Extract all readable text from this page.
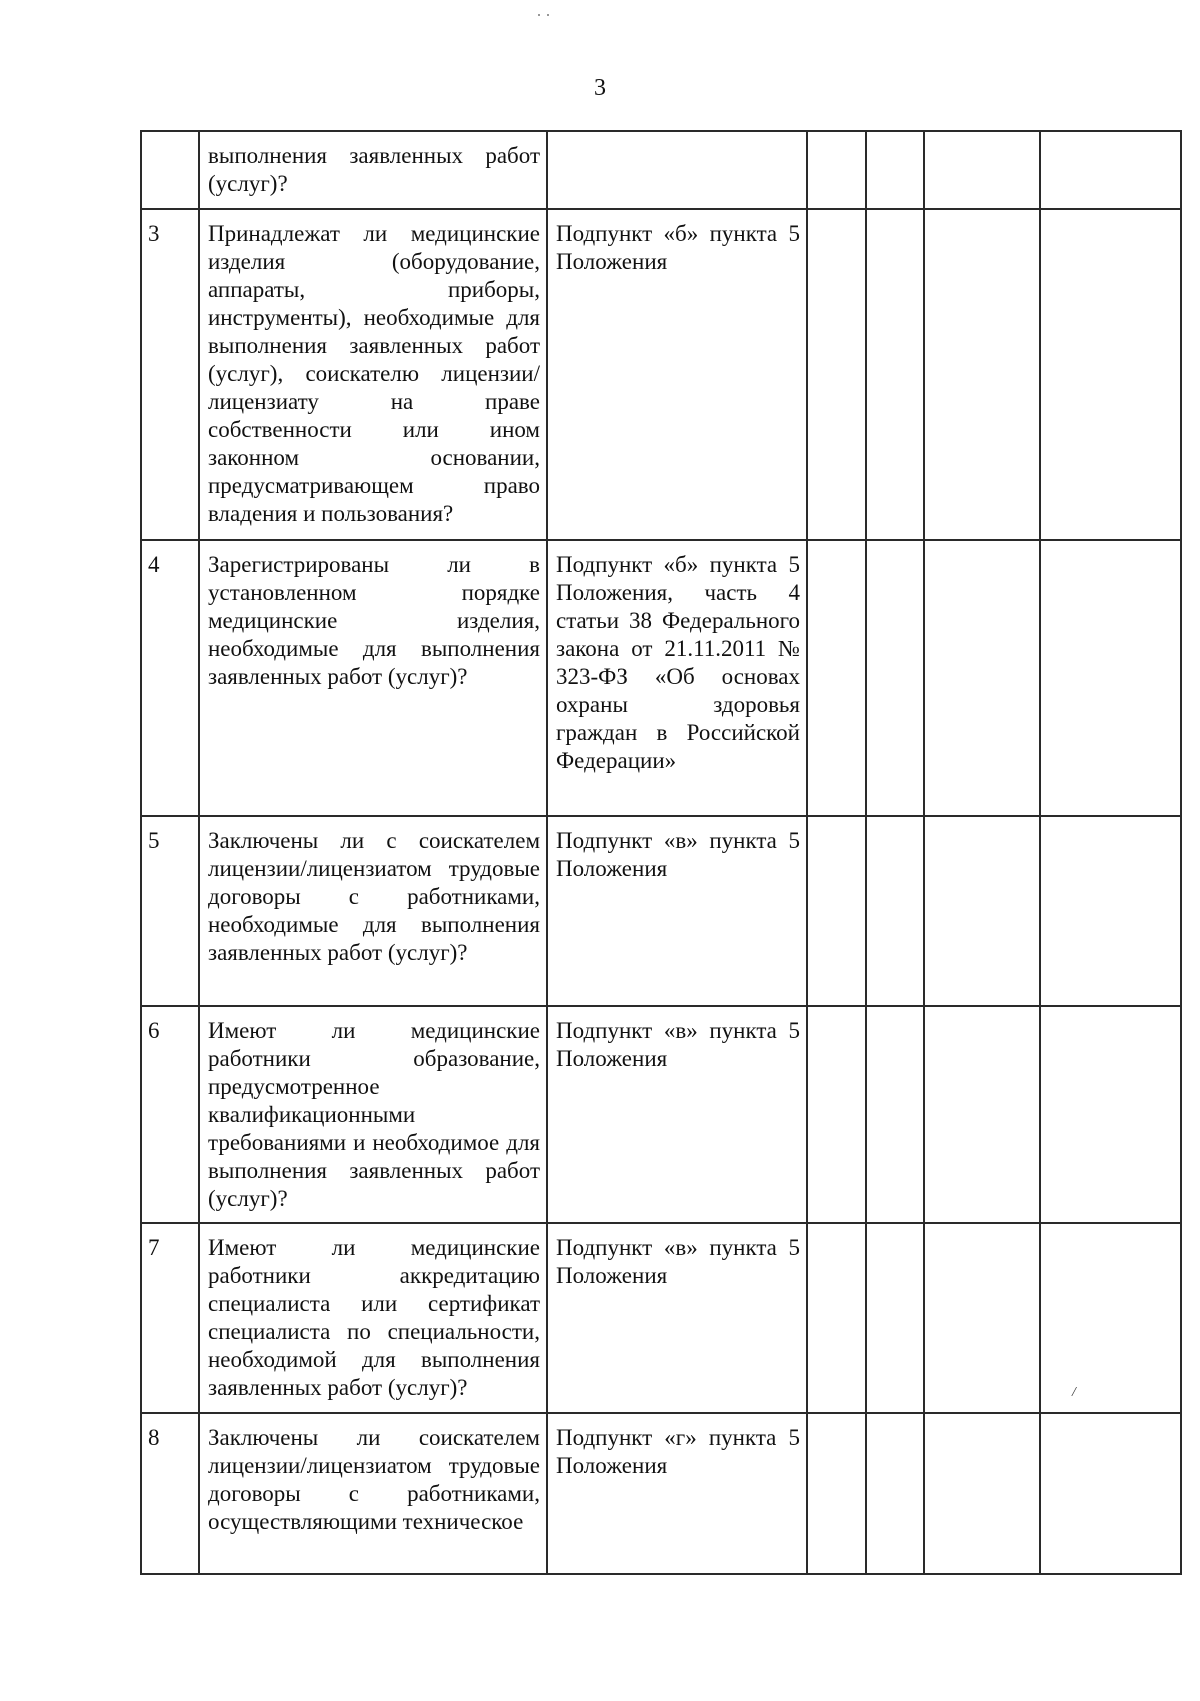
3
	выполнения заявленных работ (услуг)?					
3	Принадлежат ли медицинские изделия (оборудование, аппараты, приборы, инструменты), необходимые для выполнения заявленных работ (услуг), соискателю лицензии/лицензиату на праве собственности или ином законном основании, предусматривающем право владения и пользования?	Подпункт «б» пункта 5 Положения				
4	Зарегистрированы ли в установленном порядке медицинские изделия, необходимые для выполнения заявленных работ (услуг)?	Подпункт «б» пункта 5 Положения, часть 4 статьи 38 Федерального закона от 21.11.2011 № 323-ФЗ «Об основах охраны здоровья граждан в Российской Федерации»				
5	Заключены ли с соискателем лицензии/лицензиатом трудовые договоры с работниками, необходимые для выполнения заявленных работ (услуг)?	Подпункт «в» пункта 5 Положения				
6	Имеют ли медицинские работники образование, предусмотренное квалификационными требованиями и необходимое для выполнения заявленных работ (услуг)?	Подпункт «в» пункта 5 Положения				
7	Имеют ли медицинские работники аккредитацию специалиста или сертификат специалиста по специальности, необходимой для выполнения заявленных работ (услуг)?	Подпункт «в» пункта 5 Положения				
8	Заключены ли соискателем лицензии/лицензиатом трудовые договоры с работниками, осуществляющими техническое	Подпункт «г» пункта 5 Положения				
/
